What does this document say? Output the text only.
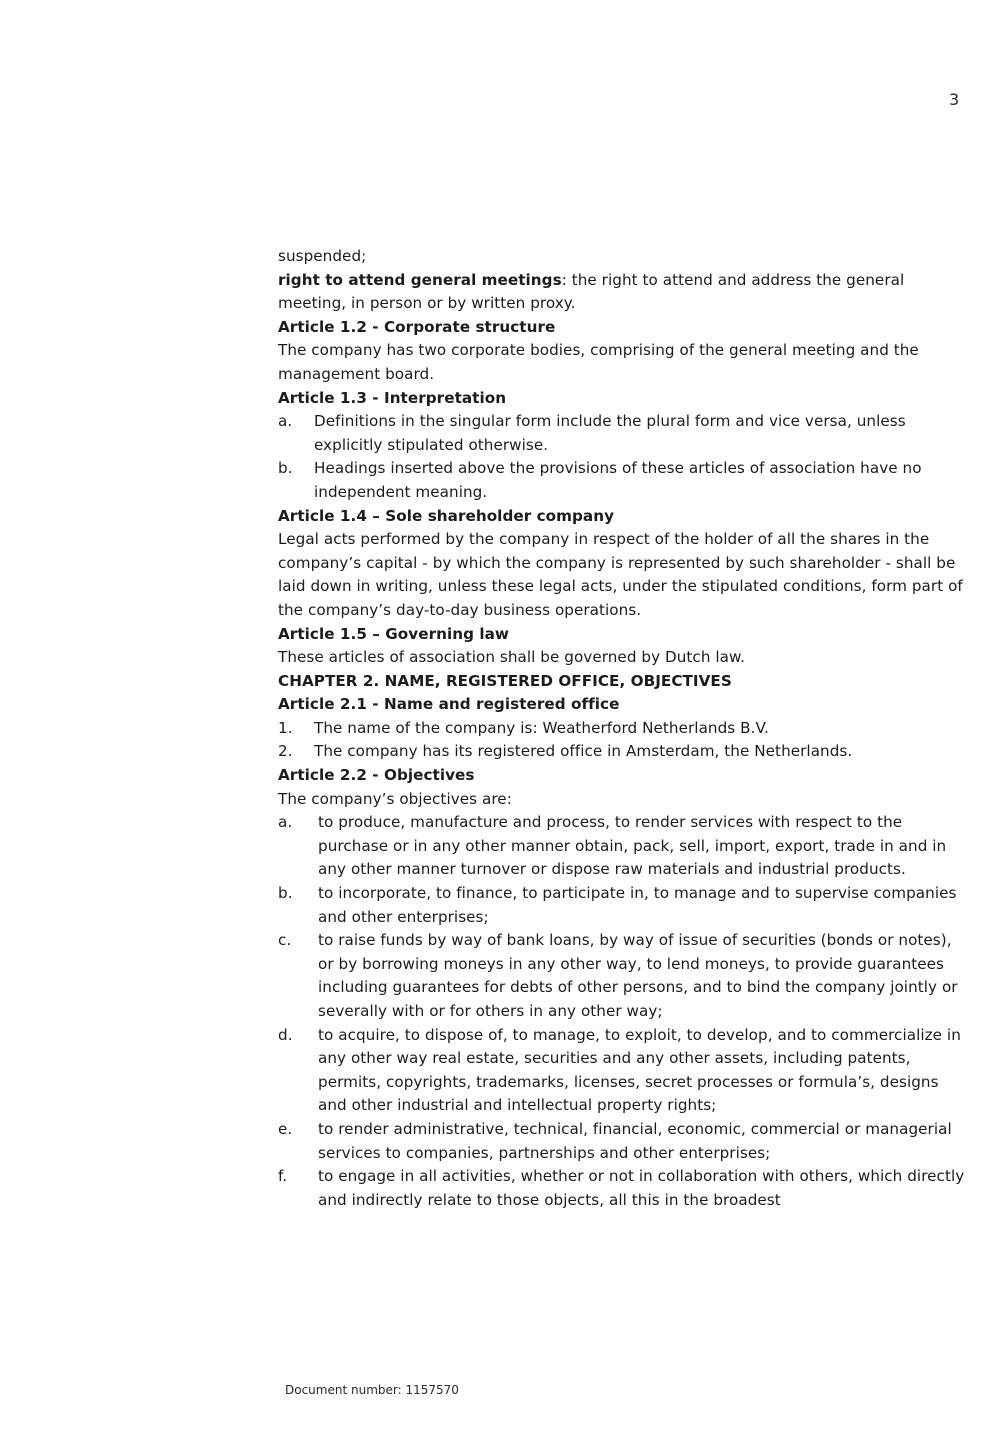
3

suspended;

right to attend general meetings: the right to attend and address the general meeting, in person or by written proxy.

Article 1.2 - Corporate structure

The company has two corporate bodies, comprising of the general meeting and the management board.

Article 1.3 - Interpretation

a.	Definitions in the singular form include the plural form and vice versa, unless explicitly stipulated otherwise.
b.	Headings inserted above the provisions of these articles of association have no independent meaning.

Article 1.4 – Sole shareholder company

Legal acts performed by the company in respect of the holder of all the shares in the company’s capital - by which the company is represented by such shareholder - shall be laid down in writing, unless these legal acts, under the stipulated conditions, form part of the company’s day-to-day business operations.

Article 1.5 – Governing law

These articles of association shall be governed by Dutch law.

CHAPTER 2. NAME, REGISTERED OFFICE, OBJECTIVES

Article 2.1 - Name and registered office

1.	The name of the company is: Weatherford Netherlands B.V.
2.	The company has its registered office in Amsterdam, the Netherlands.

Article 2.2 - Objectives

The company’s objectives are:

a.	to produce, manufacture and process, to render services with respect to the purchase or in any other manner obtain, pack, sell, import, export, trade in and in any other manner turnover or dispose raw materials and industrial products.
b.	to incorporate, to finance, to participate in, to manage and to supervise companies and other enterprises;
c.	to raise funds by way of bank loans, by way of issue of securities (bonds or notes), or by borrowing moneys in any other way, to lend moneys, to provide guarantees including guarantees for debts of other persons, and to bind the company jointly or severally with or for others in any other way;
d.	to acquire, to dispose of, to manage, to exploit, to develop, and to commercialize in any other way real estate, securities and any other assets, including patents, permits, copyrights, trademarks, licenses, secret processes or formula’s, designs and other industrial and intellectual property rights;
e.	to render administrative, technical, financial, economic, commercial or managerial services to companies, partnerships and other enterprises;
f.	to engage in all activities, whether or not in collaboration with others, which directly and indirectly relate to those objects, all this in the broadest
Document number: 1157570
